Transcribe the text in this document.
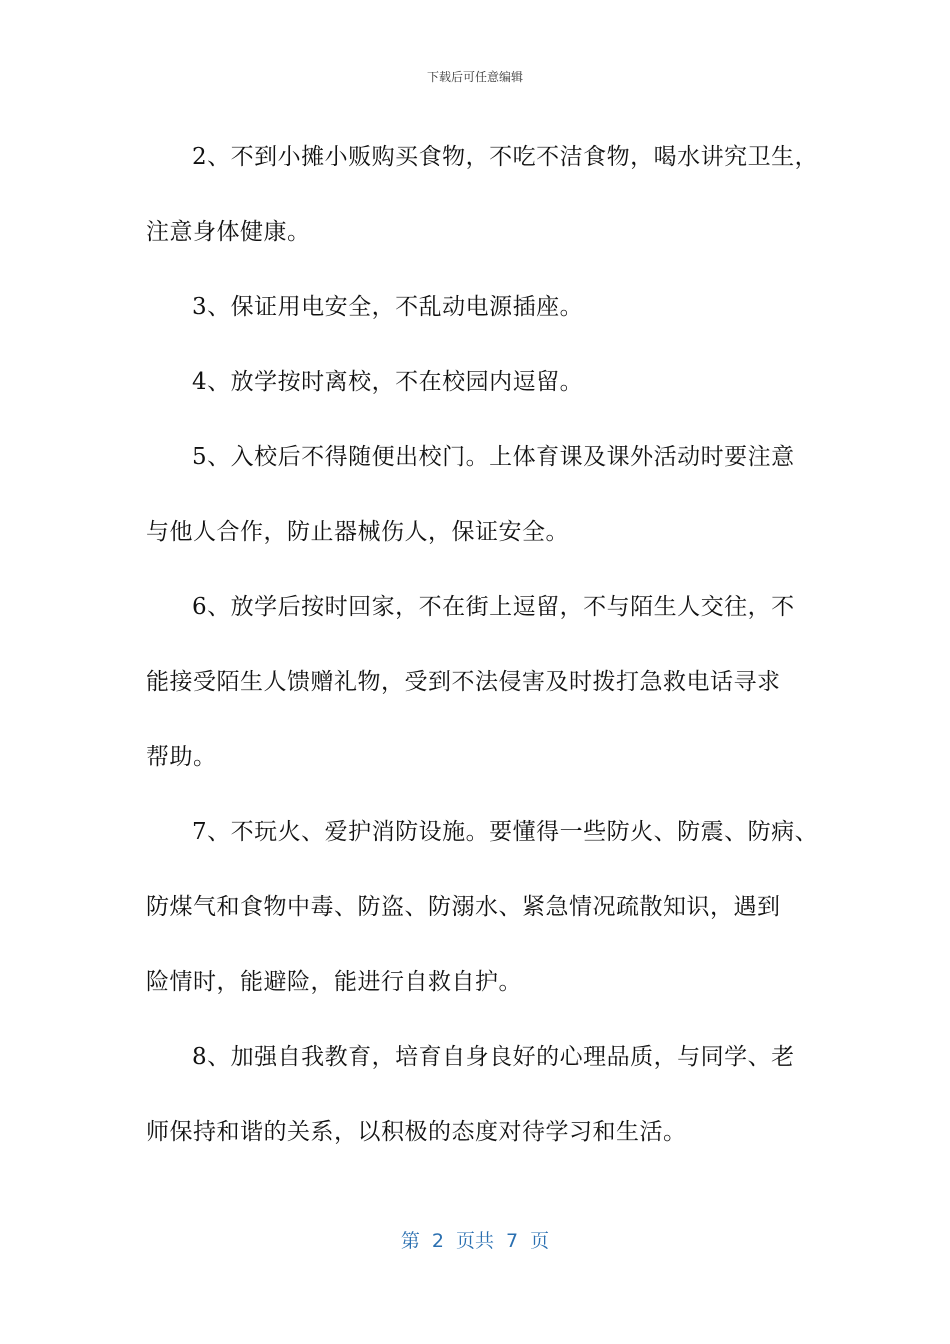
下载后可任意编辑

2、不到小摊小贩购买食物，不吃不洁食物，喝水讲究卫生，
注意身体健康。

3、保证用电安全，不乱动电源插座。

4、放学按时离校，不在校园内逗留。

5、入校后不得随便出校门。上体育课及课外活动时要注意
与他人合作，防止器械伤人，保证安全。

6、放学后按时回家，不在街上逗留，不与陌生人交往，不
能接受陌生人馈赠礼物，受到不法侵害及时拨打急救电话寻求
帮助。

7、不玩火、爱护消防设施。要懂得一些防火、防震、防病、
防煤气和食物中毒、防盗、防溺水、紧急情况疏散知识，遇到
险情时，能避险，能进行自救自护。

8、加强自我教育，培育自身良好的心理品质，与同学、老
师保持和谐的关系，以积极的态度对待学习和生活。

第 2 页共 7 页
